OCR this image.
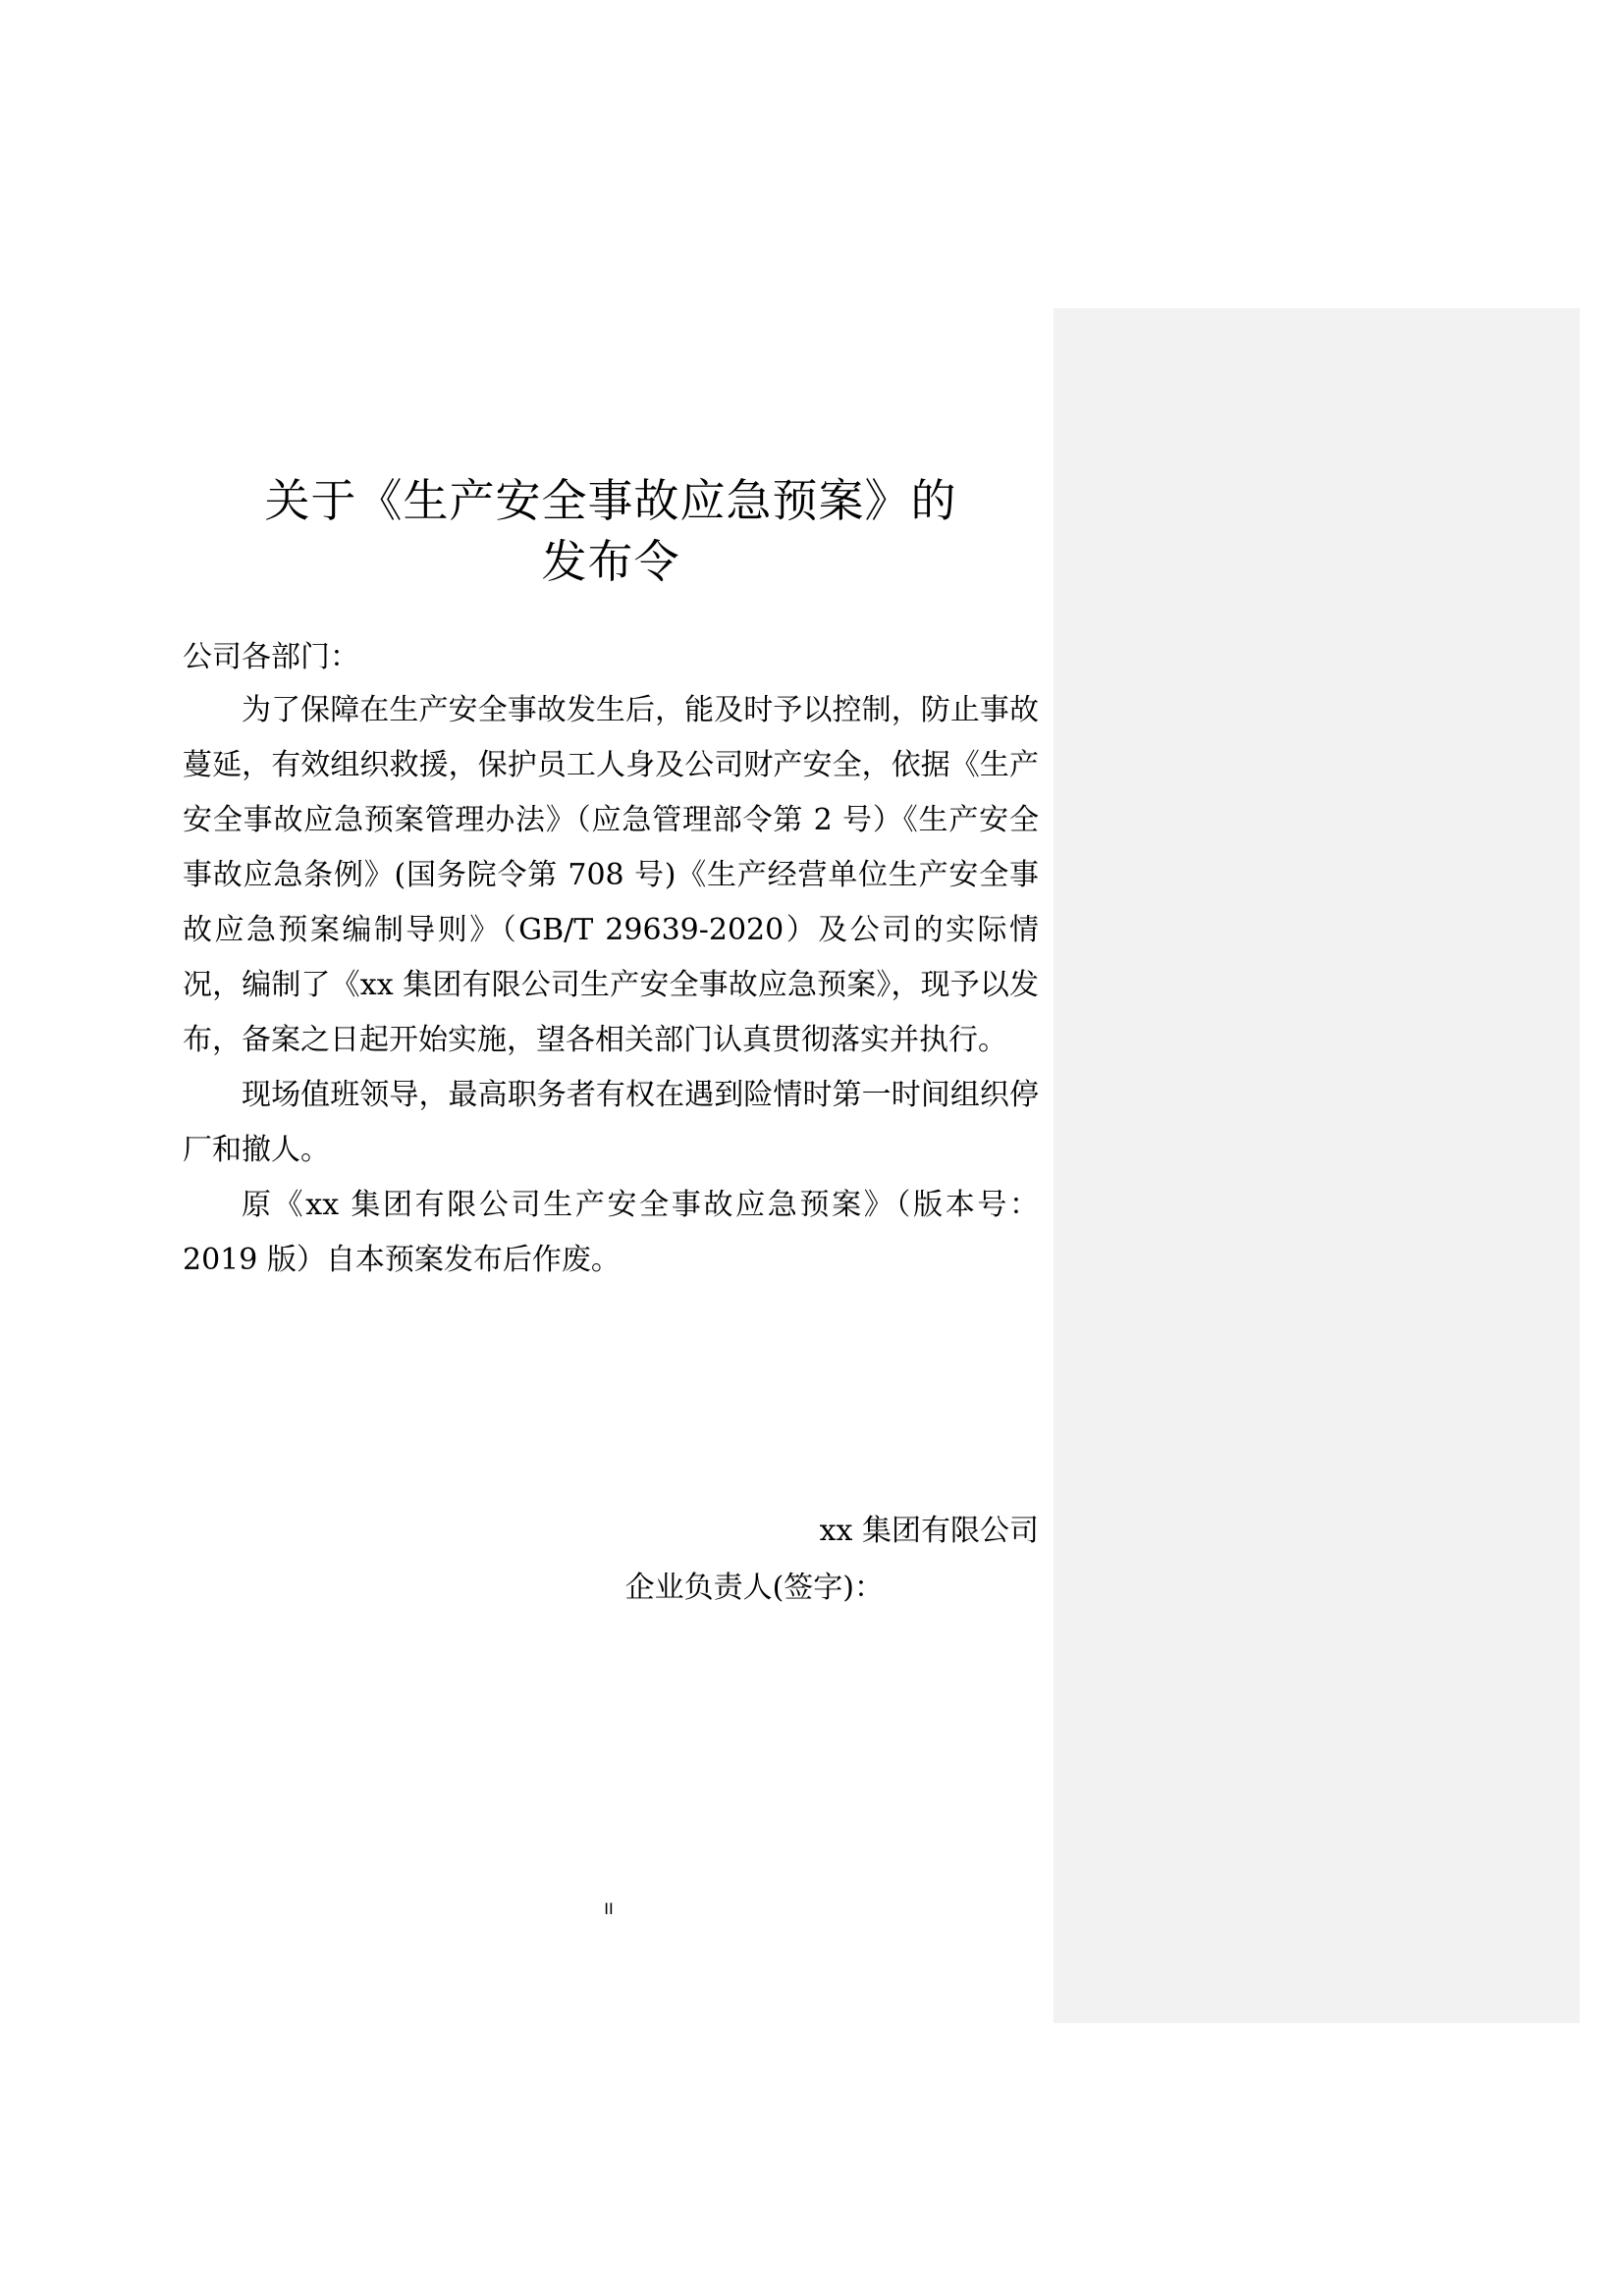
关于《生产安全事故应急预案》的
发布令
公司各部门：
为了保障在生产安全事故发生后，能及时予以控制，防止事故蔓延，有效组织救援，保护员工人身及公司财产安全，依据《生产安全事故应急预案管理办法》（应急管理部令第 2 号）《生产安全事故应急条例》(国务院令第 708 号)《生产经营单位生产安全事故应急预案编制导则》（GB/T 29639-2020）及公司的实际情况，编制了《xx 集团有限公司生产安全事故应急预案》，现予以发布，备案之日起开始实施，望各相关部门认真贯彻落实并执行。
现场值班领导，最高职务者有权在遇到险情时第一时间组织停厂和撤人。
原《xx 集团有限公司生产安全事故应急预案》（版本号：2019 版）自本预案发布后作废。
xx 集团有限公司
企业负责人(签字)：
II
